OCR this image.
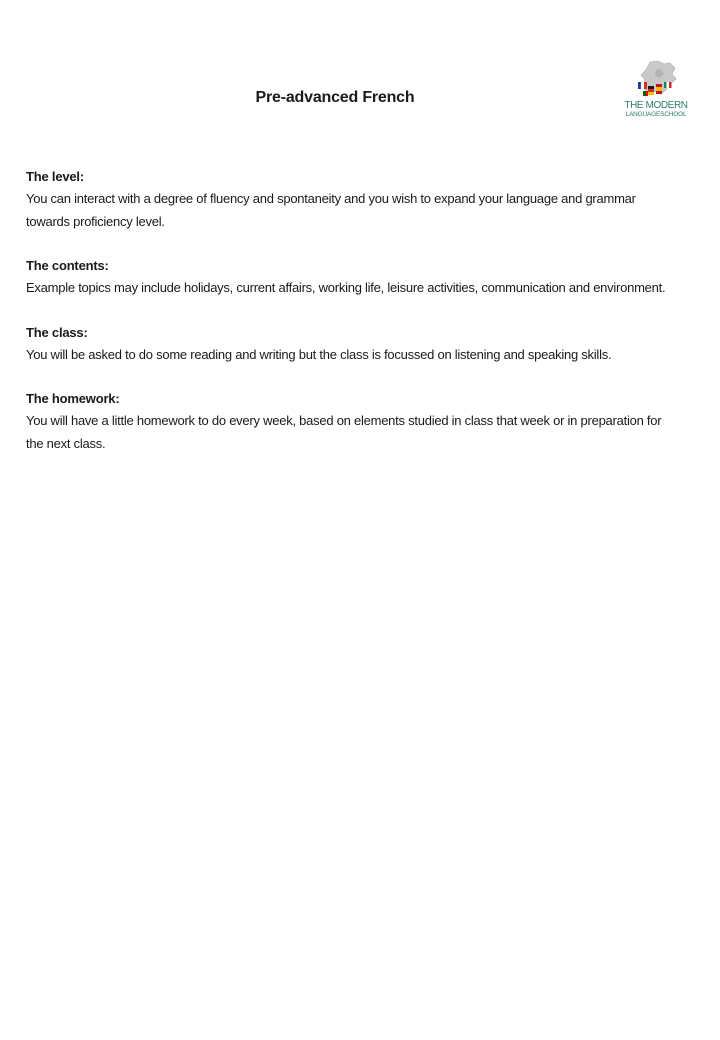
Pre-advanced French	THE MODERN
LANGUAGESCHOOL
The level:
You can interact with a degree of fluency and spontaneity and you wish to expand your language and grammar towards proficiency level.
The contents:
Example topics may include holidays, current affairs, working life, leisure activities, communication and environment.
The class:
You will be asked to do some reading and writing but the class is focussed on listening and speaking skills.
The homework:
You will have a little homework to do every week, based on elements studied in class that week or in preparation for the next class.
